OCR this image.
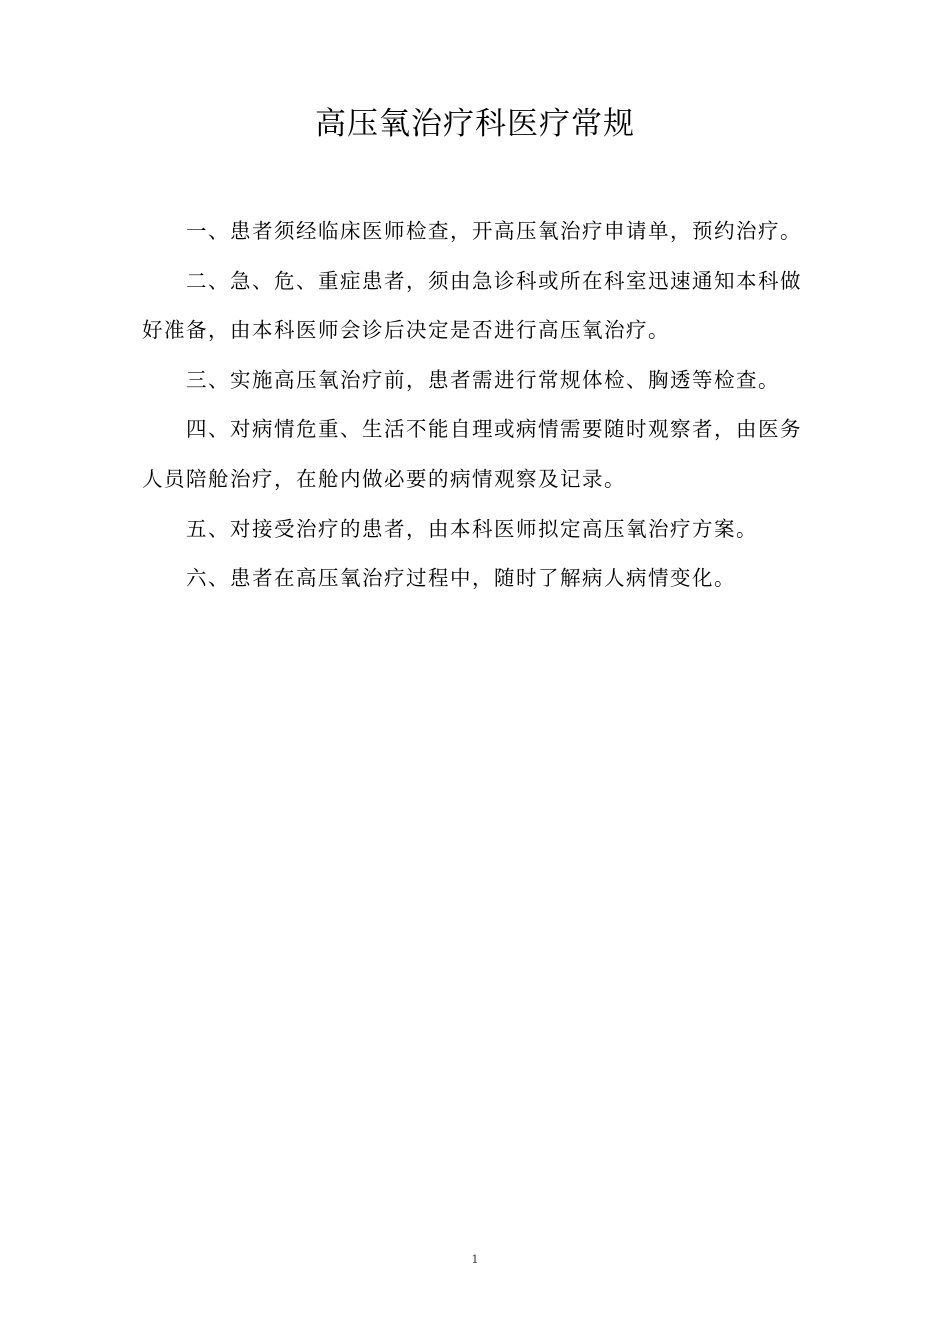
高压氧治疗科医疗常规

一、患者须经临床医师检查，开高压氧治疗申请单，预约治疗。

二、急、危、重症患者，须由急诊科或所在科室迅速通知本科做好准备，由本科医师会诊后决定是否进行高压氧治疗。

三、实施高压氧治疗前，患者需进行常规体检、胸透等检查。

四、对病情危重、生活不能自理或病情需要随时观察者，由医务人员陪舱治疗，在舱内做必要的病情观察及记录。

五、对接受治疗的患者，由本科医师拟定高压氧治疗方案。

六、患者在高压氧治疗过程中，随时了解病人病情变化。

1
